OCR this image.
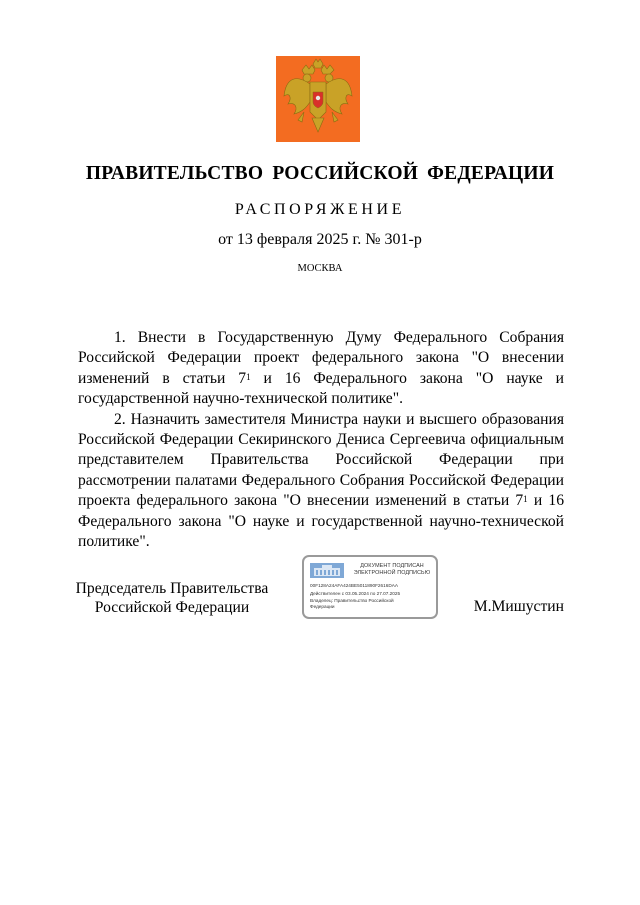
ПРАВИТЕЛЬСТВО РОССИЙСКОЙ ФЕДЕРАЦИИ
РАСПОРЯЖЕНИЕ
от 13 февраля 2025 г. № 301-р
МОСКВА

1. Внести в Государственную Думу Федерального Собрания Российской Федерации проект федерального закона "О внесении изменений в статьи $7^1$ и 16 Федерального закона "О науке и государственной научно-технической политике".

2. Назначить заместителя Министра науки и высшего образования Российской Федерации Секиринского Дениса Сергеевича официальным представителем Правительства Российской Федерации при рассмотрении палатами Федерального Собрания Российской Федерации проекта федерального закона "О внесении изменений в статьи $7^1$ и 16 Федерального закона "О науке и государственной научно-технической политике".

Председатель Правительства
Российской Федерации
ДОКУМЕНТ ПОДПИСАН
ЭЛЕКТРОННОЙ ПОДПИСЬЮ
00F128A24AFA424BE5011890F2616DAA
Действителен с 03.05.2024 по 27.07.2025
Владелец: Правительство Российской
Федерации	М.Мишустин
